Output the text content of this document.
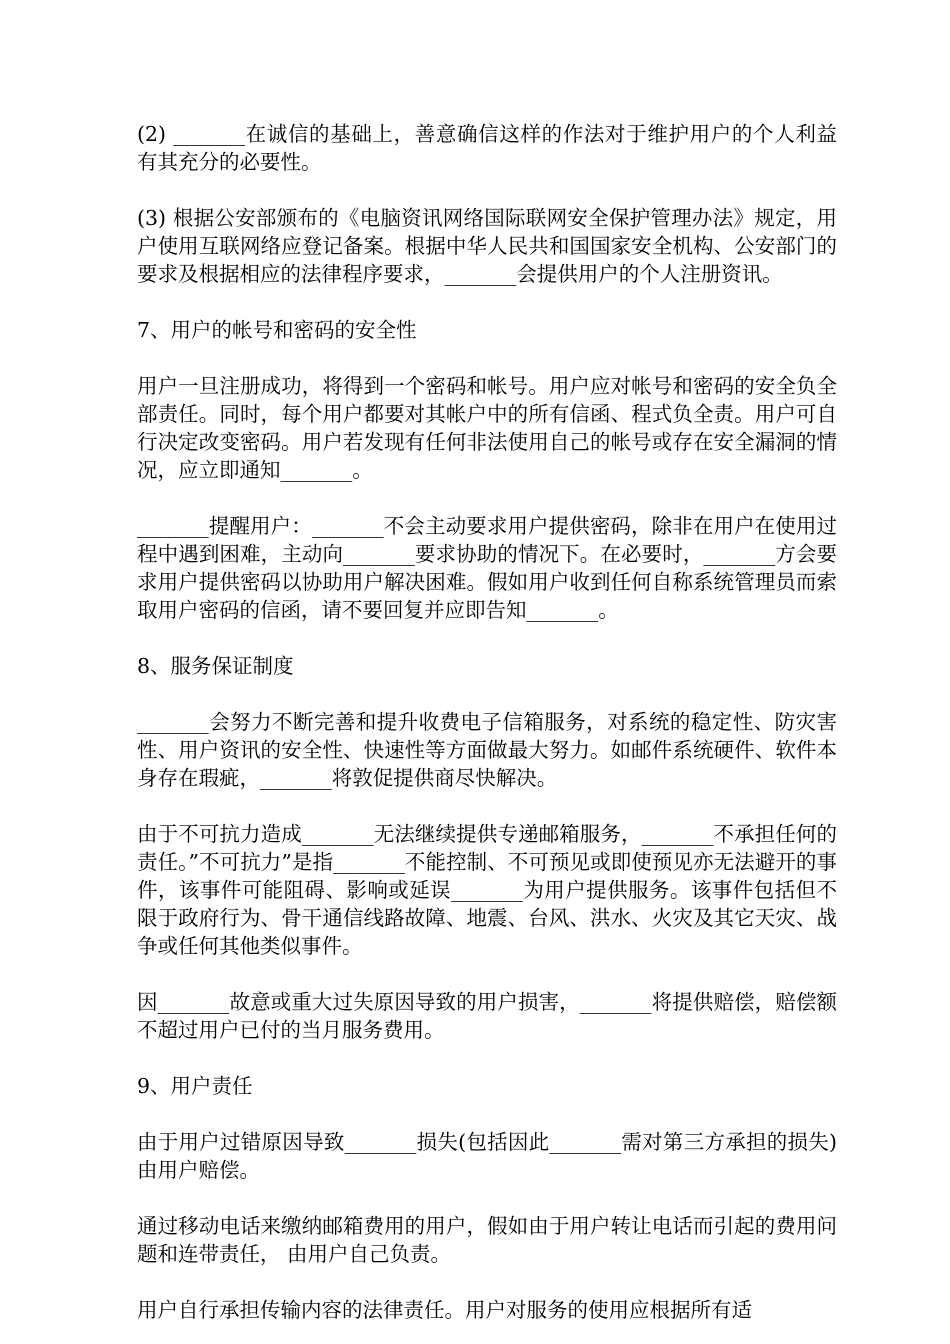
(2) _______在诚信的基础上，善意确信这样的作法对于维护用户的个人利益有其充分的必要性。

(3) 根据公安部颁布的《电脑资讯网络国际联网安全保护管理办法》规定，用户使用互联网络应登记备案。根据中华人民共和国国家安全机构、公安部门的要求及根据相应的法律程序要求，_______会提供用户的个人注册资讯。

7、用户的帐号和密码的安全性

用户一旦注册成功，将得到一个密码和帐号。用户应对帐号和密码的安全负全部责任。同时，每个用户都要对其帐户中的所有信函、程式负全责。用户可自行决定改变密码。用户若发现有任何非法使用自己的帐号或存在安全漏洞的情况，应立即通知_______。

_______提醒用户：_______不会主动要求用户提供密码，除非在用户在使用过程中遇到困难，主动向_______要求协助的情况下。在必要时，_______方会要求用户提供密码以协助用户解决困难。假如用户收到任何自称系统管理员而索取用户密码的信函，请不要回复并应即告知_______。

8、服务保证制度

_______会努力不断完善和提升收费电子信箱服务，对系统的稳定性、防灾害性、用户资讯的安全性、快速性等方面做最大努力。如邮件系统硬件、软件本身存在瑕疵，_______将敦促提供商尽快解决。

由于不可抗力造成_______无法继续提供专递邮箱服务，_______不承担任何的责任。”不可抗力”是指_______不能控制、不可预见或即使预见亦无法避开的事件，该事件可能阻碍、影响或延误_______为用户提供服务。该事件包括但不限于政府行为、骨干通信线路故障、地震、台风、洪水、火灾及其它天灾、战争或任何其他类似事件。

因_______故意或重大过失原因导致的用户损害，_______将提供赔偿，赔偿额不超过用户已付的当月服务费用。

9、用户责任

由于用户过错原因导致_______损失(包括因此_______需对第三方承担的损失)由用户赔偿。

通过移动电话来缴纳邮箱费用的用户，假如由于用户转让电话而引起的费用问题和连带责任， 由用户自己负责。

用户自行承担传输内容的法律责任。用户对服务的使用应根据所有适
